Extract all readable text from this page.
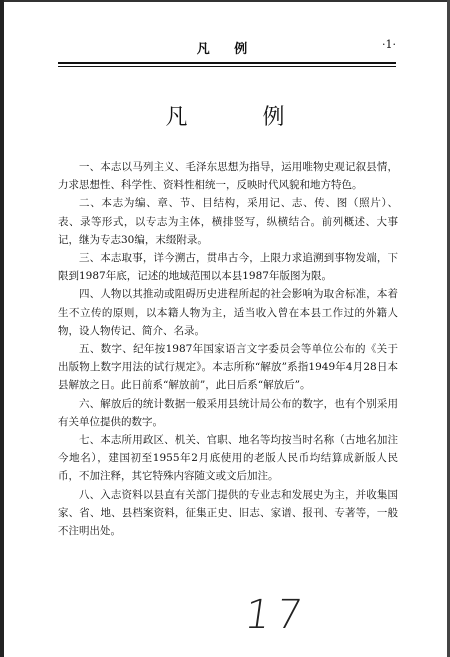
凡 例	·1·
凡 例

一、本志以马列主义、毛泽东思想为指导，运用唯物史观记叙县情，力求思想性、科学性、资料性相统一，反映时代风貌和地方特色。

二、本志为编、章、节、目结构，采用记、志、传、图（照片）、表、录等形式，以专志为主体，横排竖写，纵横结合。前列概述、大事记，继为专志30编，末缀附录。

三、本志取事，详今溯古，贯串古今，上限力求追溯到事物发端，下限到1987年底，记述的地域范围以本县1987年版图为限。

四、人物以其推动或阻碍历史进程所起的社会影响为取舍标准，本着生不立传的原则，以本籍人物为主，适当收入曾在本县工作过的外籍人物，设人物传记、简介、名录。

五、数字、纪年按1987年国家语言文字委员会等单位公布的《关于出版物上数字用法的试行规定》。本志所称“解放”系指1949年4月28日本县解放之日。此日前系“解放前”，此日后系“解放后”。

六、解放后的统计数据一般采用县统计局公布的数字，也有个别采用有关单位提供的数字。

七、本志所用政区、机关、官职、地名等均按当时名称（古地名加注今地名），建国初至1955年2月底使用的老版人民币均结算成新版人民币，不加注释，其它特殊内容随文或文后加注。

八、入志资料以县直有关部门提供的专业志和发展史为主，并收集国家、省、地、县档案资料，征集正史、旧志、家谱、报刊、专著等，一般不注明出处。

17
